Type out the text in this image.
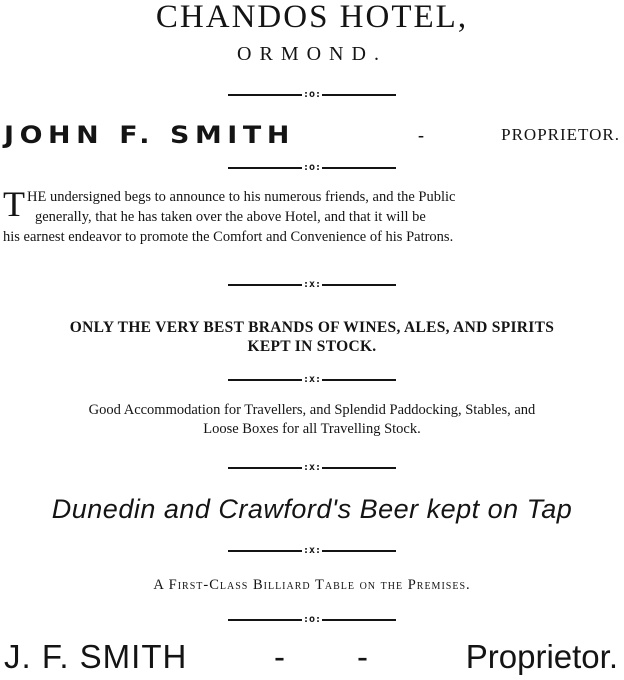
CHANDOS HOTEL,
ORMOND.
:o:
JOHN F. SMITH	-	PROPRIETOR.
:o:
T HE undersigned begs to announce to his numerous friends, and the Public
generally, that he has taken over the above Hotel, and that it will be
his earnest endeavor to promote the Comfort and Convenience of his Patrons.
:x:
ONLY THE VERY BEST BRANDS OF WINES, ALES, AND SPIRITS
KEPT IN STOCK.
:x:
Good Accommodation for Travellers, and Splendid Paddocking, Stables, and
Loose Boxes for all Travelling Stock.
:x:
Dunedin and Crawford's Beer kept on Tap
:x:
A First-Class Billiard Table on the Premises.
:o:
J. F. SMITH	- -	Proprietor.
